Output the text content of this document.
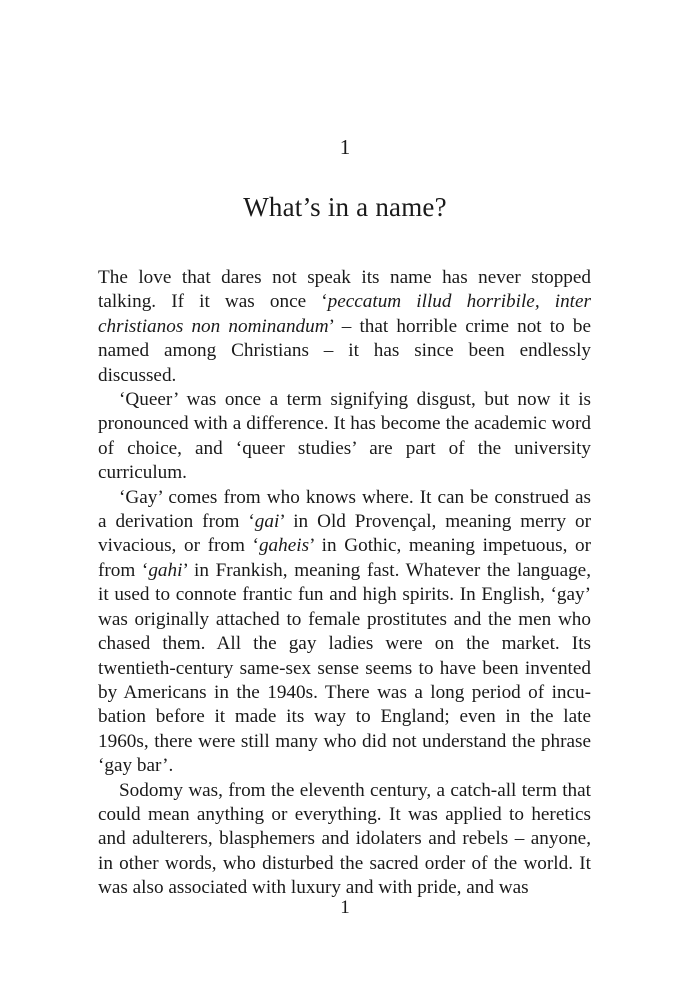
1
What’s in a name?

The love that dares not speak its name has never stopped talking. If it was once ‘peccatum illud horribile, inter christianos non nominandum’ – that horrible crime not to be named among Christians – it has since been endlessly discussed.

‘Queer’ was once a term signifying disgust, but now it is pronounced with a difference. It has become the academic word of choice, and ‘queer studies’ are part of the university curriculum.

‘Gay’ comes from who knows where. It can be construed as a derivation from ‘gai’ in Old Provençal, meaning merry or vivacious, or from ‘gaheis’ in Gothic, meaning impetuous, or from ‘gahi’ in Frankish, meaning fast. Whatever the language, it used to connote frantic fun and high spirits. In English, ‘gay’ was originally attached to female prostitutes and the men who chased them. All the gay ladies were on the market. Its twentieth-century same-sex sense seems to have been invented by Americans in the 1940s. There was a long period of incubation before it made its way to England; even in the late 1960s, there were still many who did not understand the phrase ‘gay bar’.

Sodomy was, from the eleventh century, a catch-all term that could mean anything or everything. It was applied to heretics and adulterers, blasphemers and idolaters and rebels – anyone, in other words, who disturbed the sacred order of the world. It was also associated with luxury and with pride, and was

1
